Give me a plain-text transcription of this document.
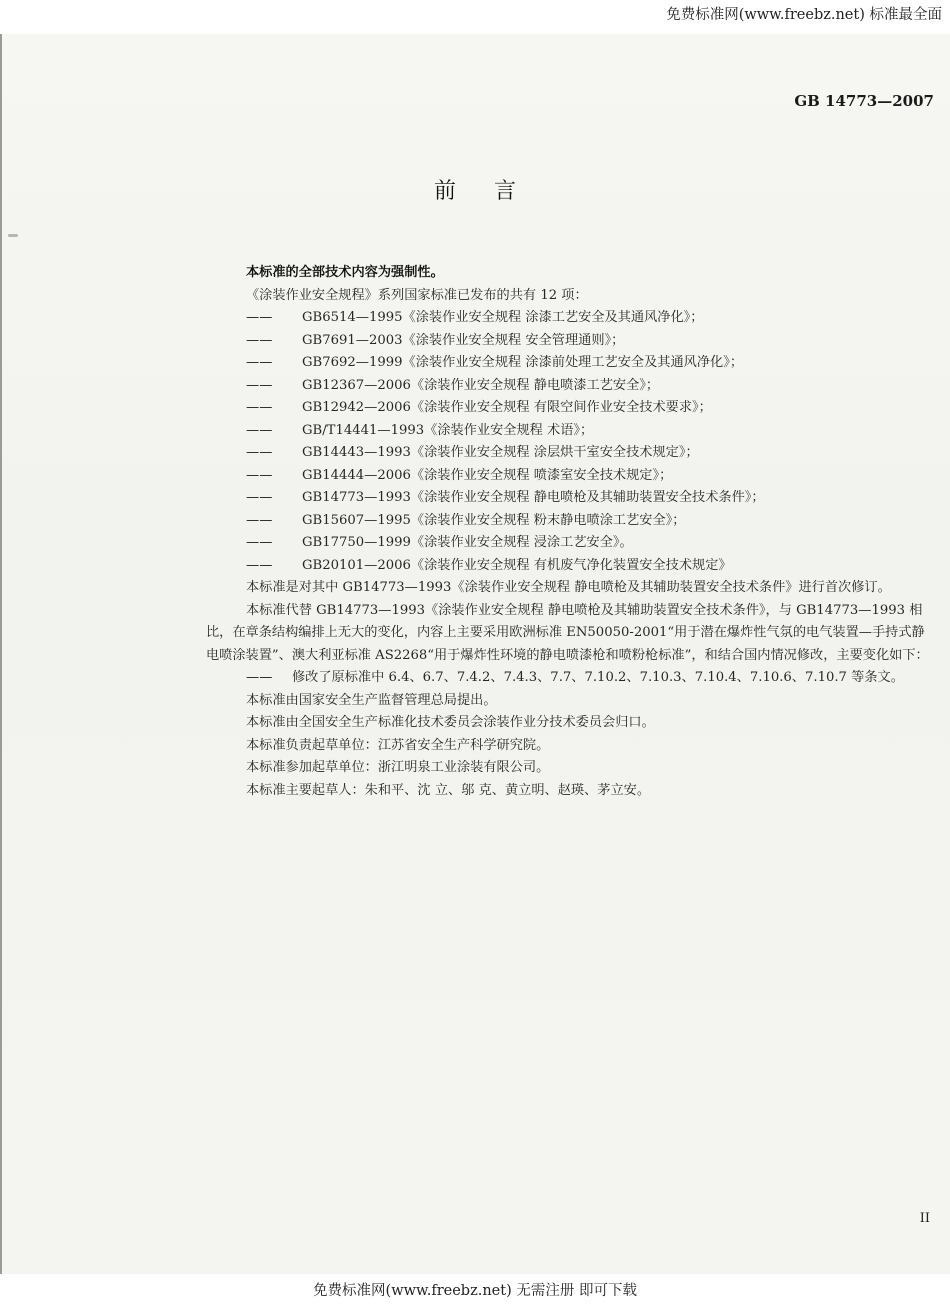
免费标准网(www.freebz.net) 标准最全面
GB 14773—2007
前言

本标准的全部技术内容为强制性。

《涂装作业安全规程》系列国家标准已发布的共有 12 项：

——	GB6514—1995《涂装作业安全规程 涂漆工艺安全及其通风净化》；
——	GB7691—2003《涂装作业安全规程 安全管理通则》；
——	GB7692—1999《涂装作业安全规程 涂漆前处理工艺安全及其通风净化》；
——	GB12367—2006《涂装作业安全规程 静电喷漆工艺安全》；
——	GB12942—2006《涂装作业安全规程 有限空间作业安全技术要求》；
——	GB/T14441—1993《涂装作业安全规程 术语》；
——	GB14443—1993《涂装作业安全规程 涂层烘干室安全技术规定》；
——	GB14444—2006《涂装作业安全规程 喷漆室安全技术规定》；
——	GB14773—1993《涂装作业安全规程 静电喷枪及其辅助装置安全技术条件》；
——	GB15607—1995《涂装作业安全规程 粉末静电喷涂工艺安全》；
——	GB17750—1999《涂装作业安全规程 浸涂工艺安全》。
——	GB20101—2006《涂装作业安全规程 有机废气净化装置安全技术规定》

本标准是对其中 GB14773—1993《涂装作业安全规程 静电喷枪及其辅助装置安全技术条件》进行首次修订。

本标准代替 GB14773—1993《涂装作业安全规程 静电喷枪及其辅助装置安全技术条件》，与 GB14773—1993 相比，在章条结构编排上无大的变化，内容上主要采用欧洲标准 EN50050-2001“用于潜在爆炸性气氛的电气装置—手持式静电喷涂装置”、澳大利亚标准 AS2268“用于爆炸性环境的静电喷漆枪和喷粉枪标准”，和结合国内情况修改，主要变化如下：

——	修改了原标准中 6.4、6.7、7.4.2、7.4.3、7.7、7.10.2、7.10.3、7.10.4、7.10.6、7.10.7 等条文。

本标准由国家安全生产监督管理总局提出。

本标准由全国安全生产标准化技术委员会涂装作业分技术委员会归口。

本标准负责起草单位：江苏省安全生产科学研究院。

本标准参加起草单位：浙江明泉工业涂装有限公司。

本标准主要起草人：朱和平、沈 立、邬 克、黄立明、赵瑛、茅立安。

II
免费标准网(www.freebz.net) 无需注册 即可下载
